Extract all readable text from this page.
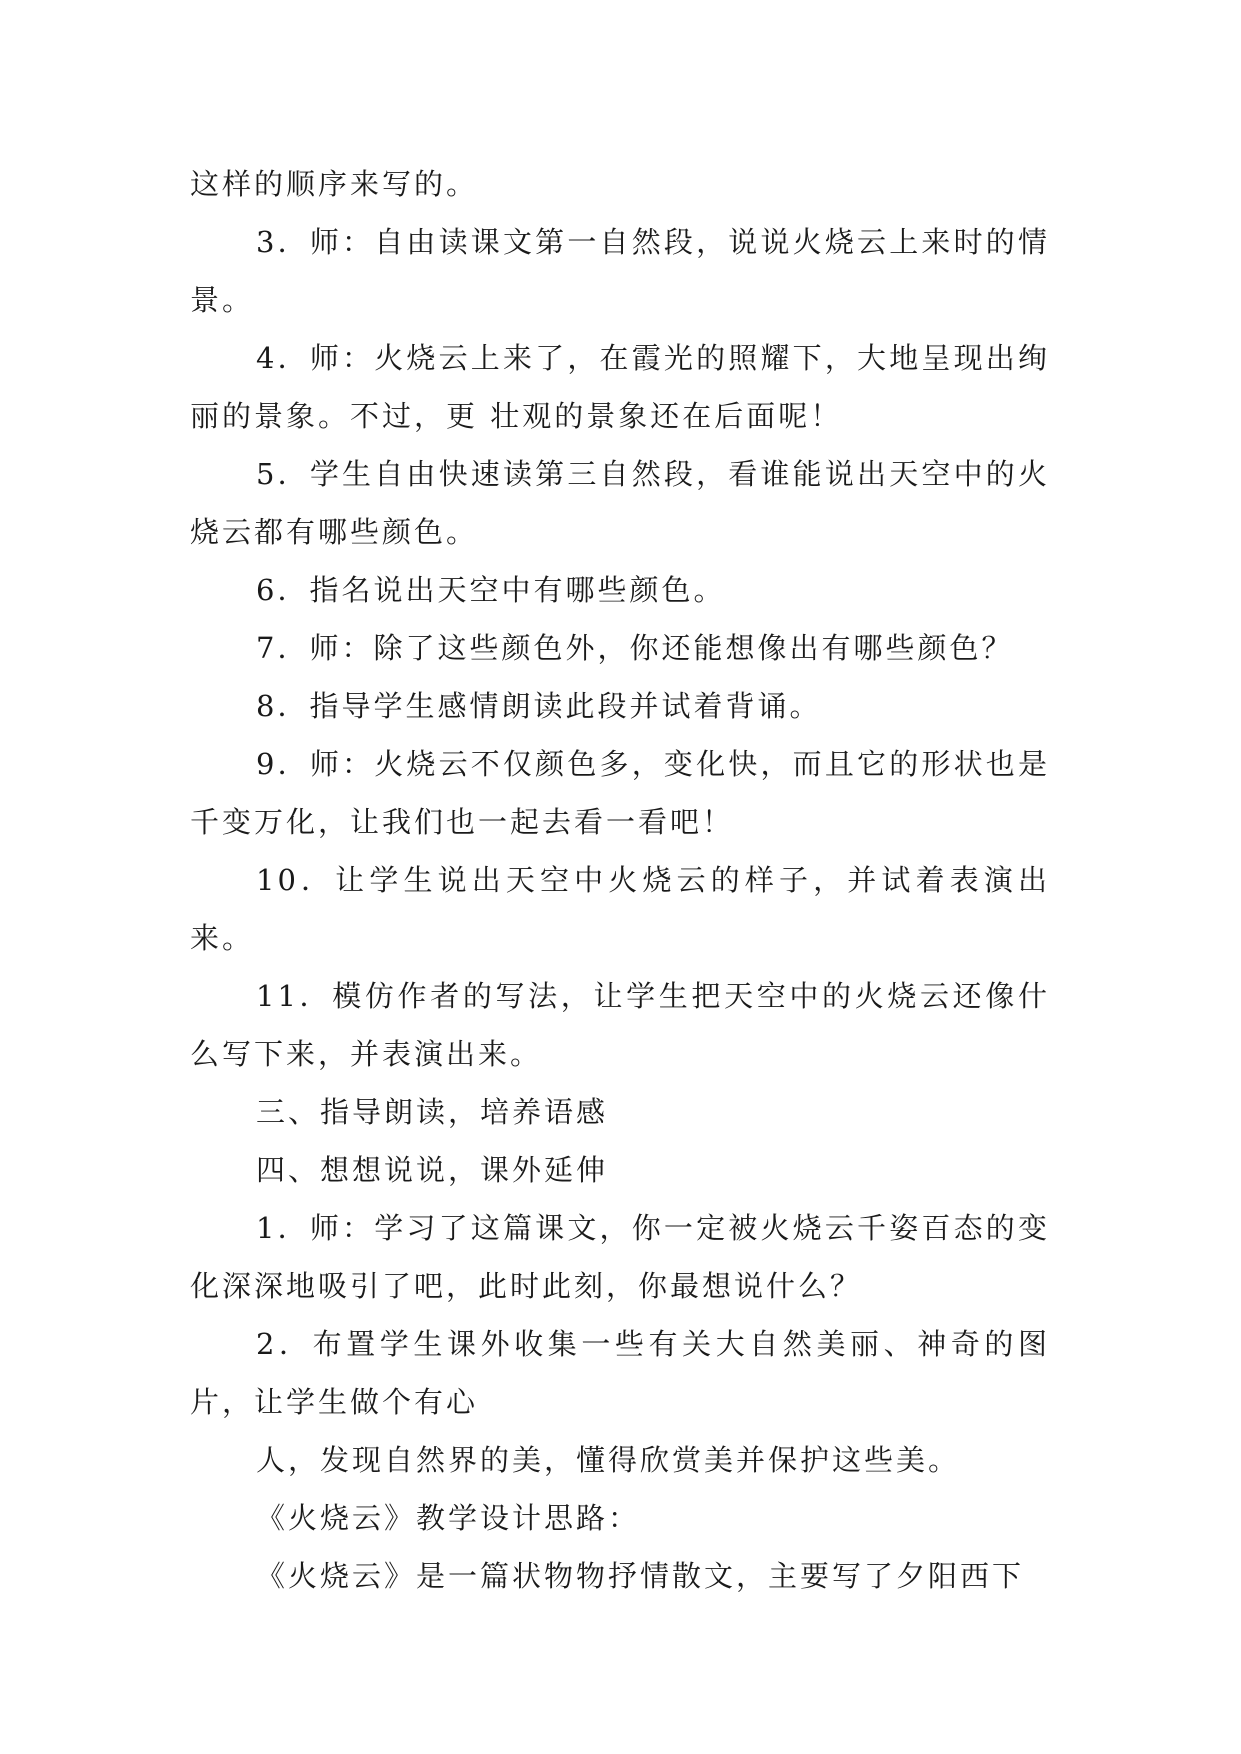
这样的顺序来写的。

3．师：自由读课文第一自然段，说说火烧云上来时的情景。

4．师：火烧云上来了，在霞光的照耀下，大地呈现出绚丽的景象。不过，更 壮观的景象还在后面呢！

5．学生自由快速读第三自然段，看谁能说出天空中的火烧云都有哪些颜色。

6．指名说出天空中有哪些颜色。

7．师：除了这些颜色外，你还能想像出有哪些颜色？

8．指导学生感情朗读此段并试着背诵。

9．师：火烧云不仅颜色多，变化快，而且它的形状也是千变万化，让我们也一起去看一看吧！

10．让学生说出天空中火烧云的样子，并试着表演出来。

11．模仿作者的写法，让学生把天空中的火烧云还像什么写下来，并表演出来。

三、指导朗读，培养语感

四、想想说说，课外延伸

1．师：学习了这篇课文，你一定被火烧云千姿百态的变化深深地吸引了吧，此时此刻，你最想说什么？

2．布置学生课外收集一些有关大自然美丽、神奇的图片，让学生做个有心

人，发现自然界的美，懂得欣赏美并保护这些美。

《火烧云》教学设计思路：

《火烧云》是一篇状物物抒情散文，主要写了夕阳西下
